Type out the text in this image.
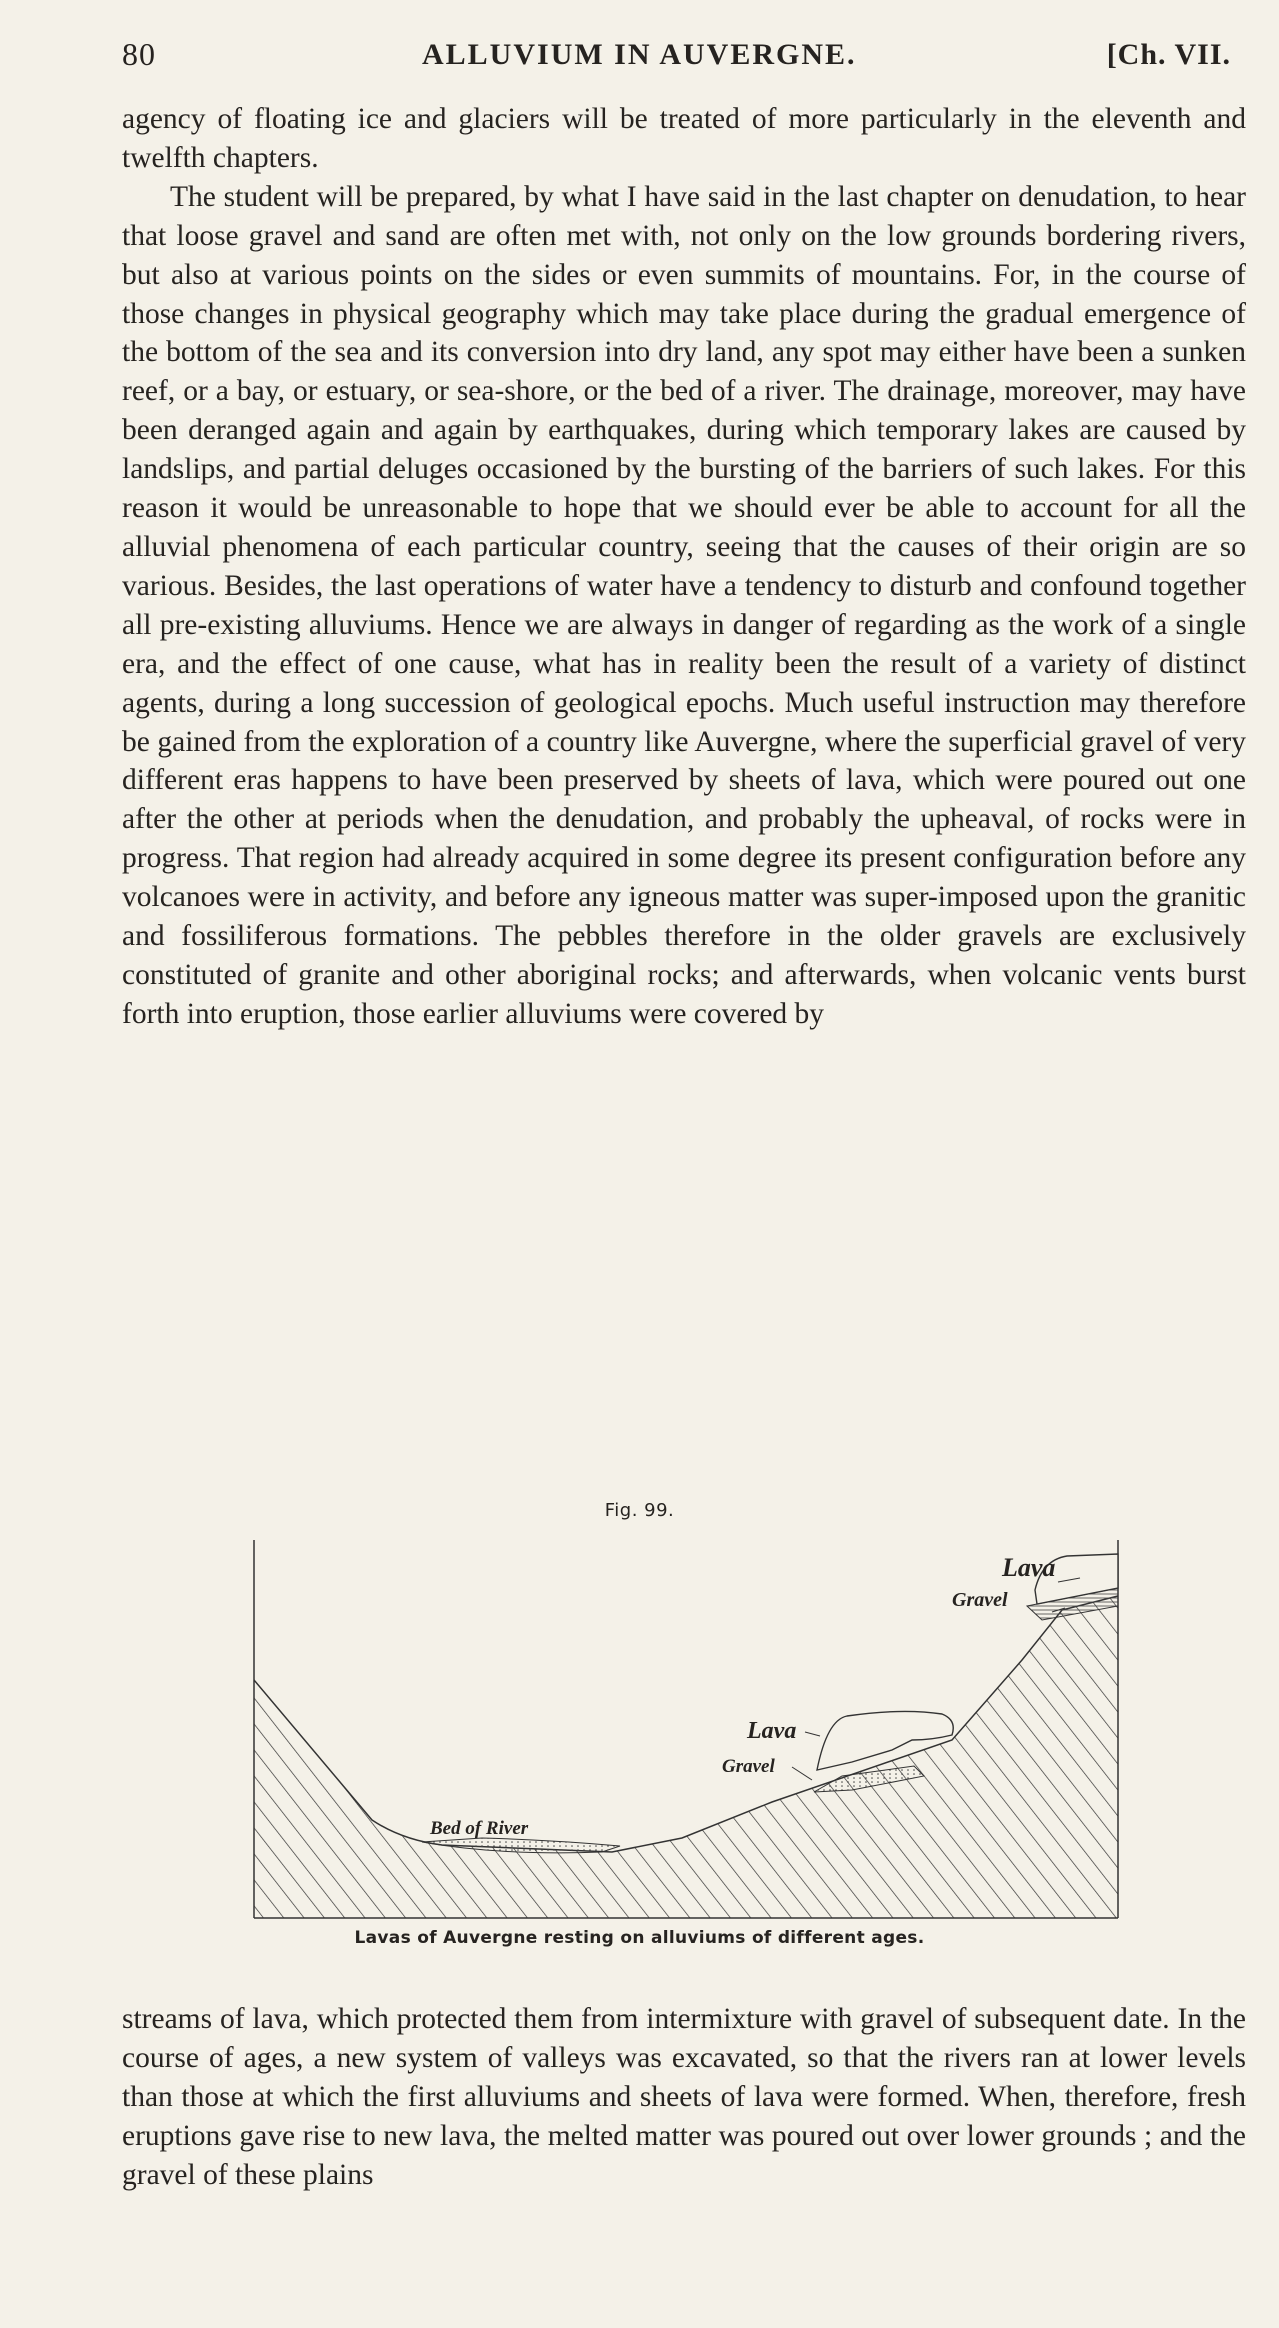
80	ALLUVIUM IN AUVERGNE.	[Ch. VII.
agency of floating ice and glaciers will be treated of more particularly in the eleventh and twelfth chapters.
The student will be prepared, by what I have said in the last chapter on denudation, to hear that loose gravel and sand are often met with, not only on the low grounds bordering rivers, but also at various points on the sides or even summits of mountains. For, in the course of those changes in physical geography which may take place during the gradual emergence of the bottom of the sea and its conversion into dry land, any spot may either have been a sunken reef, or a bay, or estuary, or sea-shore, or the bed of a river. The drainage, moreover, may have been deranged again and again by earthquakes, during which temporary lakes are caused by landslips, and partial deluges occasioned by the bursting of the barriers of such lakes. For this reason it would be unreasonable to hope that we should ever be able to account for all the alluvial phenomena of each particular country, seeing that the causes of their origin are so various. Besides, the last operations of water have a tendency to disturb and confound together all pre-existing alluviums. Hence we are always in danger of regarding as the work of a single era, and the effect of one cause, what has in reality been the result of a variety of distinct agents, during a long succession of geological epochs. Much useful instruction may therefore be gained from the exploration of a country like Auvergne, where the superficial gravel of very different eras happens to have been preserved by sheets of lava, which were poured out one after the other at periods when the denudation, and probably the upheaval, of rocks were in progress. That region had already acquired in some degree its present configuration before any volcanoes were in activity, and before any igneous matter was super-imposed upon the granitic and fossiliferous formations. The pebbles therefore in the older gravels are exclusively constituted of granite and other aboriginal rocks; and afterwards, when volcanic vents burst forth into eruption, those earlier alluviums were covered by
Fig. 99.
Lava
Gravel
Lava
Gravel
Bed of River
Lavas of Auvergne resting on alluviums of different ages.
streams of lava, which protected them from intermixture with gravel of subsequent date. In the course of ages, a new system of valleys was excavated, so that the rivers ran at lower levels than those at which the first alluviums and sheets of lava were formed. When, therefore, fresh eruptions gave rise to new lava, the melted matter was poured out over lower grounds ; and the gravel of these plains
